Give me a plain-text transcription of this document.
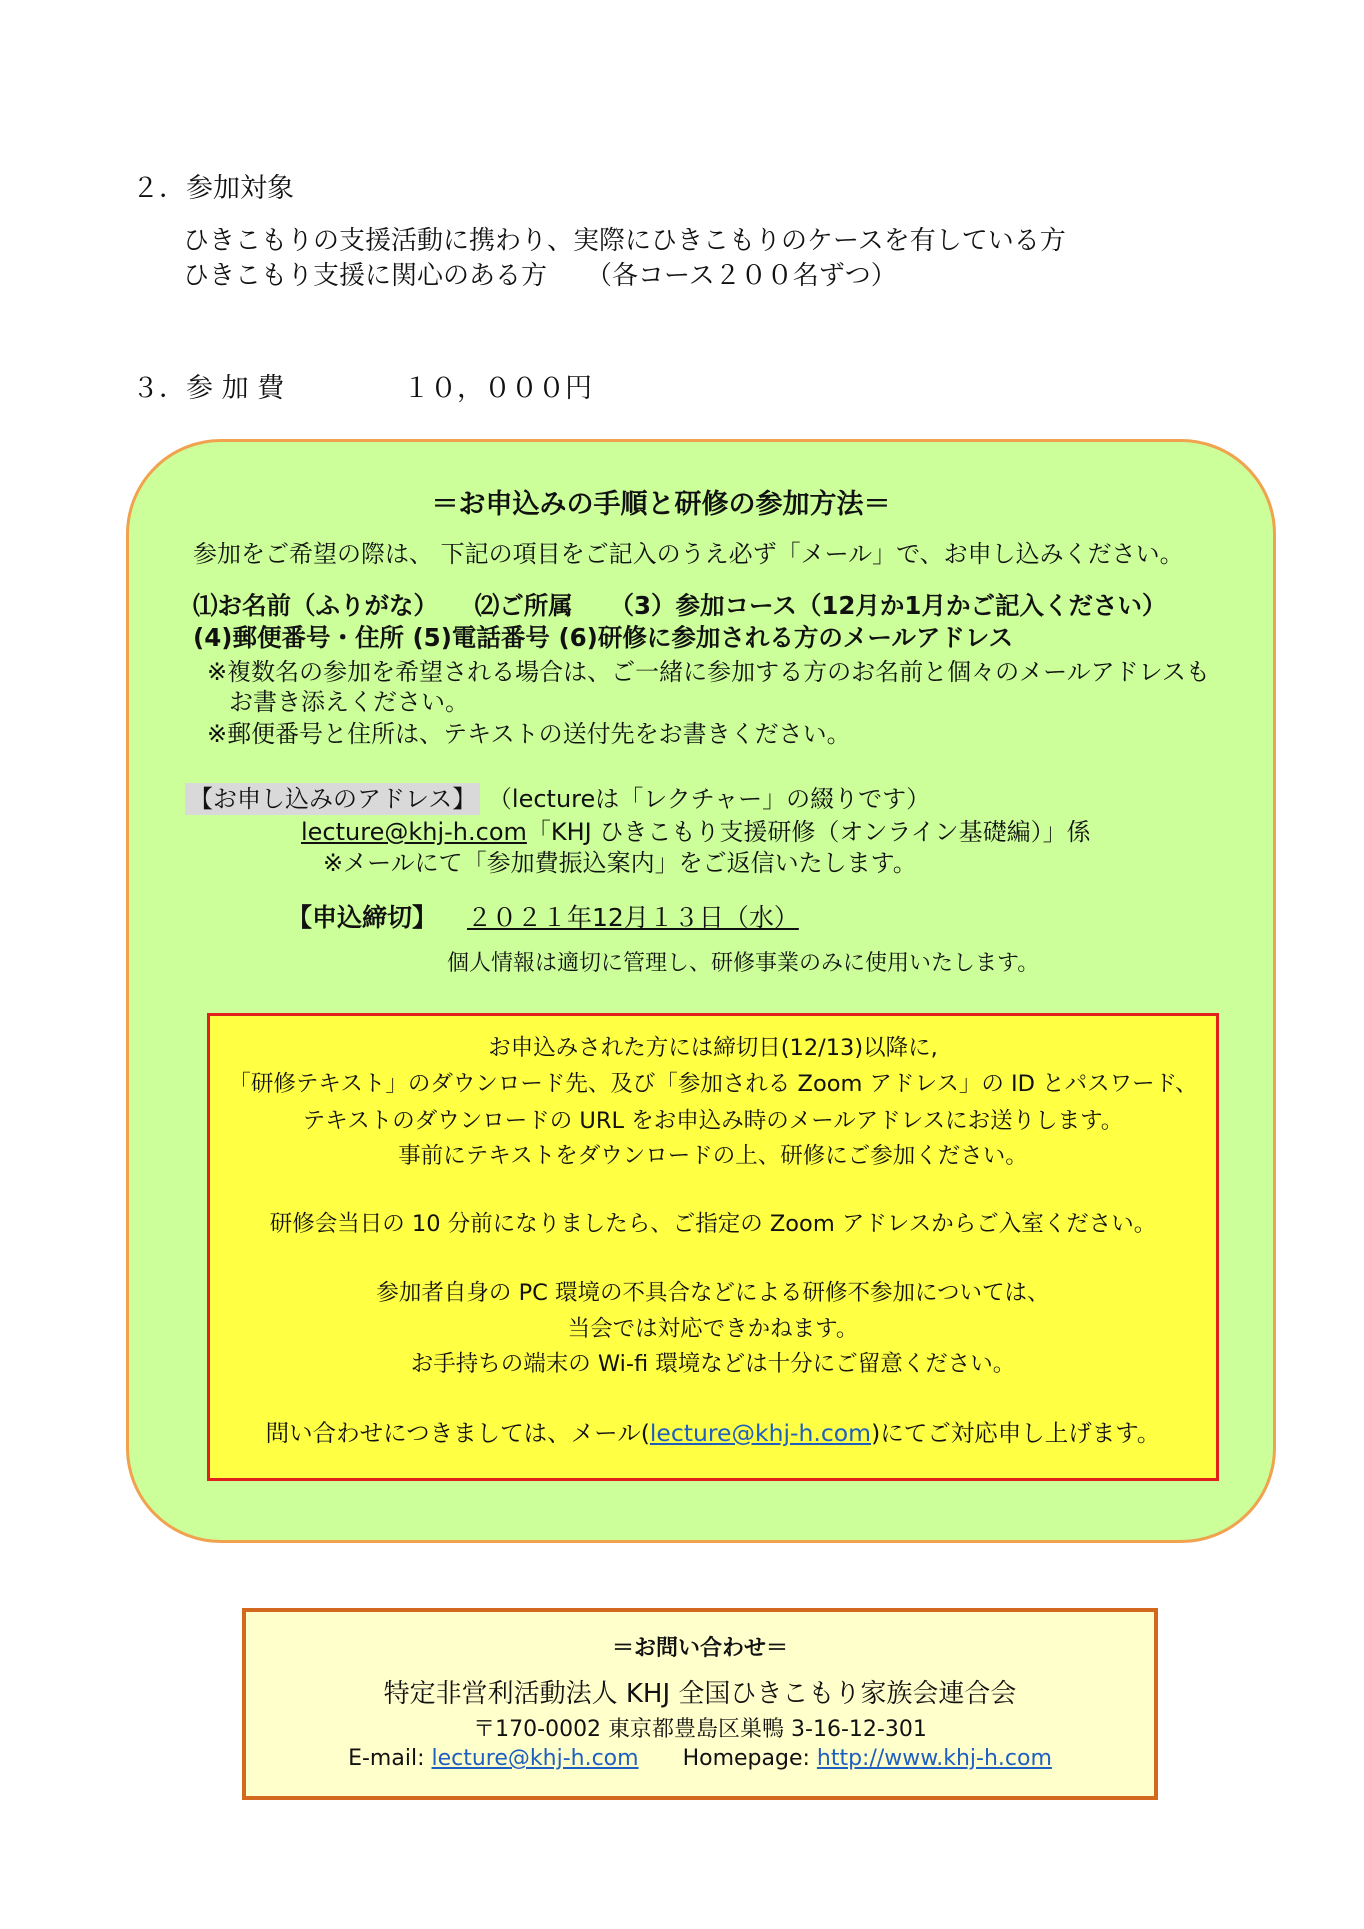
２．参加対象
ひきこもりの支援活動に携わり、実際にひきこもりのケースを有している方
ひきこもり支援に関心のある方　　（各コース２００名ずつ）
３．参 加 費	１０，０００円
＝お申込みの手順と研修の参加方法＝
参加をご希望の際は、 下記の項目をご記入のうえ必ず「メール」で、お申し込みください。
⑴お名前（ふりがな）　　⑵ご所属　　（3）参加コース（12月か1月かご記入ください）
(4)郵便番号・住所 (5)電話番号 (6)研修に参加される方のメールアドレス
※複数名の参加を希望される場合は、ご一緒に参加する方のお名前と個々のメールアドレスも
お書き添えください。
※郵便番号と住所は、テキストの送付先をお書きください。
【お申し込みのアドレス】 （lectureは「レクチャー」の綴りです）
lecture@khj-h.com「KHJ ひきこもり支援研修（オンライン基礎編）」係
※メールにて「参加費振込案内」をご返信いたします。
【申込締切】 ２０２１年12月１３日（水）
個人情報は適切に管理し、研修事業のみに使用いたします。
お申込みされた方には締切日(12/13)以降に,
「研修テキスト」のダウンロード先、及び「参加される Zoom アドレス」の ID とパスワード、
テキストのダウンロードの URL をお申込み時のメールアドレスにお送りします。
事前にテキストをダウンロードの上、研修にご参加ください。
研修会当日の 10 分前になりましたら、ご指定の Zoom アドレスからご入室ください。
参加者自身の PC 環境の不具合などによる研修不参加については、
当会では対応できかねます。
お手持ちの端末の Wi-fi 環境などは十分にご留意ください。
問い合わせにつきましては、メール(lecture@khj-h.com)にてご対応申し上げます。
＝お問い合わせ＝
特定非営利活動法人 KHJ 全国ひきこもり家族会連合会
〒170-0002 東京都豊島区巣鴨 3-16-12-301
E-mail: lecture@khj-h.com Homepage: http://www.khj-h.com
